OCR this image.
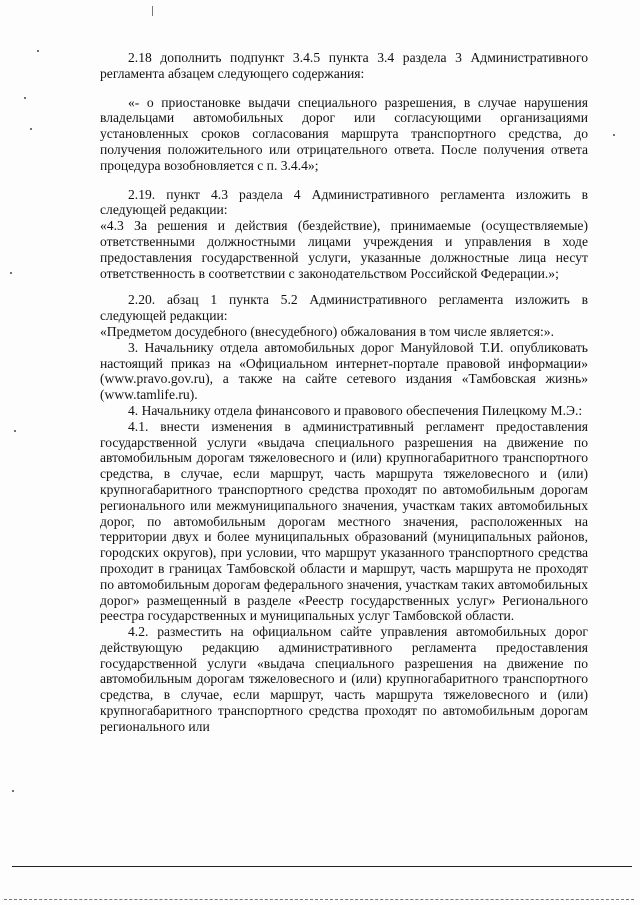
2.18 дополнить подпункт 3.4.5 пункта 3.4 раздела 3 Административного регламента абзацем следующего содержания:

«- о приостановке выдачи специального разрешения, в случае нарушения владельцами автомобильных дорог или согласующими организациями установленных сроков согласования маршрута транспортного средства, до получения положительного или отрицательного ответа. После получения ответа процедура возобновляется с п. 3.4.4»;

2.19. пункт 4.3 раздела 4 Административного регламента изложить в следующей редакции:

«4.3 За решения и действия (бездействие), принимаемые (осуществляемые) ответственными должностными лицами учреждения и управления в ходе предоставления государственной услуги, указанные должностные лица несут ответственность в соответствии с законодательством Российской Федерации.»;

2.20. абзац 1 пункта 5.2 Административного регламента изложить в следующей редакции:

«Предметом досудебного (внесудебного) обжалования в том числе является:».

3. Начальнику отдела автомобильных дорог Мануйловой Т.И. опубликовать настоящий приказ на «Официальном интернет-портале правовой информации» (www.pravo.gov.ru), а также на сайте сетевого издания «Тамбовская жизнь» (www.tamlife.ru).

4. Начальнику отдела финансового и правового обеспечения Пилецкому М.Э.:

4.1. внести изменения в административный регламент предоставления государственной услуги «выдача специального разрешения на движение по автомобильным дорогам тяжеловесного и (или) крупногабаритного транспортного средства, в случае, если маршрут, часть маршрута тяжеловесного и (или) крупногабаритного транспортного средства проходят по автомобильным дорогам регионального или межмуниципального значения, участкам таких автомобильных дорог, по автомобильным дорогам местного значения, расположенных на территории двух и более муниципальных образований (муниципальных районов, городских округов), при условии, что маршрут указанного транспортного средства проходит в границах Тамбовской области и маршрут, часть маршрута не проходят по автомобильным дорогам федерального значения, участкам таких автомобильных дорог» размещенный в разделе «Реестр государственных услуг» Регионального реестра государственных и муниципальных услуг Тамбовской области.

4.2. разместить на официальном сайте управления автомобильных дорог действующую редакцию административного регламента предоставления государственной услуги «выдача специального разрешения на движение по автомобильным дорогам тяжеловесного и (или) крупногабаритного транспортного средства, в случае, если маршрут, часть маршрута тяжеловесного и (или) крупногабаритного транспортного средства проходят по автомобильным дорогам регионального или
